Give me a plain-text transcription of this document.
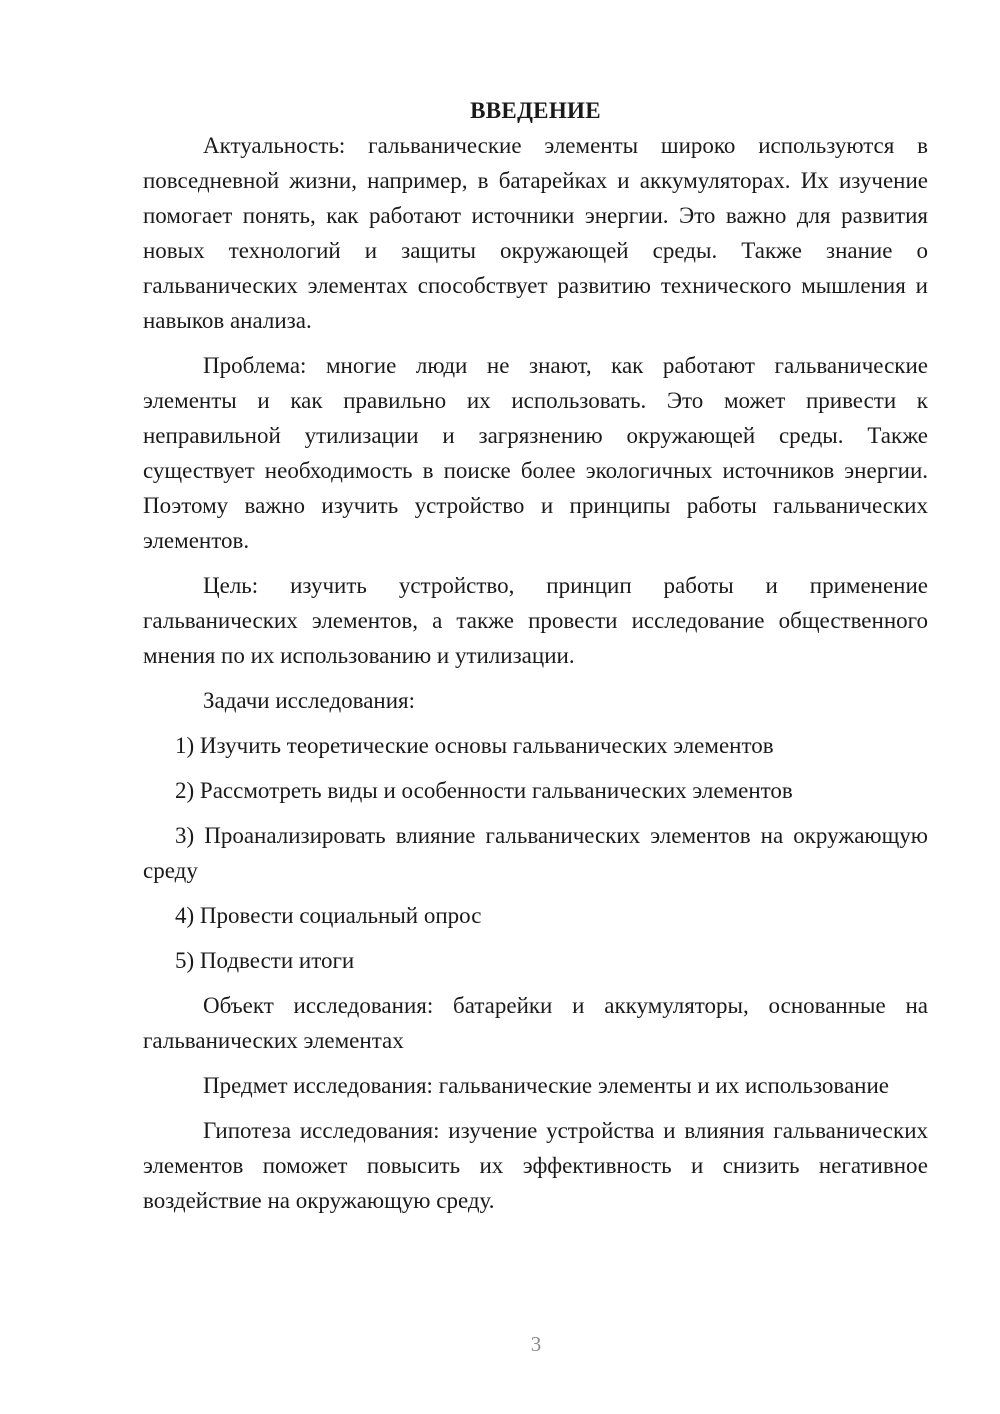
ВВЕДЕНИЕ

Актуальность: гальванические элементы широко используются в повседневной жизни, например, в батарейках и аккумуляторах. Их изучение помогает понять, как работают источники энергии. Это важно для развития новых технологий и защиты окружающей среды. Также знание о гальванических элементах способствует развитию технического мышления и навыков анализа.

Проблема: многие люди не знают, как работают гальванические элементы и как правильно их использовать. Это может привести к неправильной утилизации и загрязнению окружающей среды. Также существует необходимость в поиске более экологичных источников энергии. Поэтому важно изучить устройство и принципы работы гальванических элементов.

Цель: изучить устройство, принцип работы и применение гальванических элементов, а также провести исследование общественного мнения по их использованию и утилизации.

Задачи исследования:

1) Изучить теоретические основы гальванических элементов

2) Рассмотреть виды и особенности гальванических элементов

3) Проанализировать влияние гальванических элементов на окружающую среду

4) Провести социальный опрос

5) Подвести итоги

Объект исследования: батарейки и аккумуляторы, основанные на гальванических элементах

Предмет исследования: гальванические элементы и их использование

Гипотеза исследования: изучение устройства и влияния гальванических элементов поможет повысить их эффективность и снизить негативное воздействие на окружающую среду.

3
